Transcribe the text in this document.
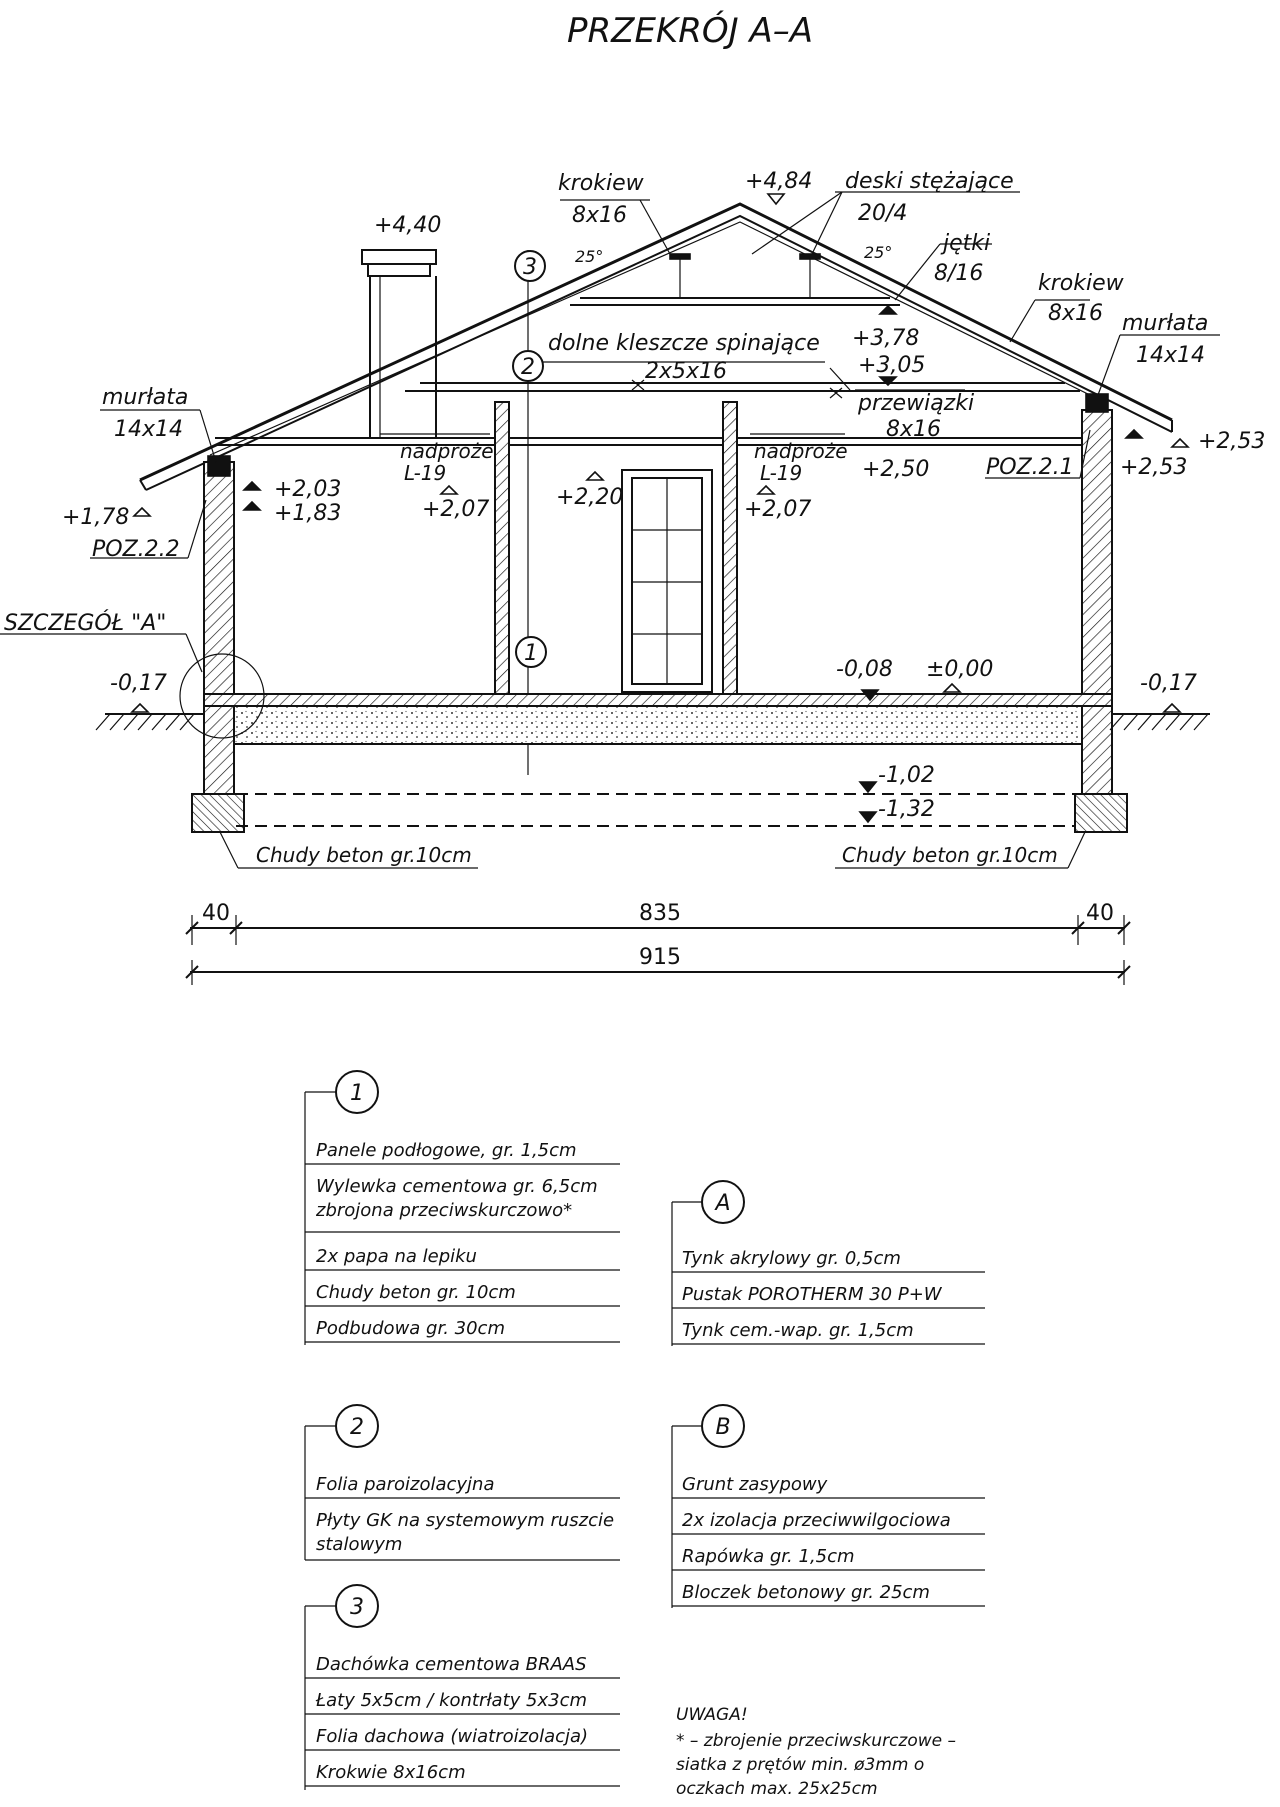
PRZEKRÓJ A–A
3
2
1
+4,84
+4,40
krokiew
8x16
deski stężające
20/4
jętki
8/16
25°	25°
krokiew
8x16 murłata
14x14
murłata
14x14
+3,78
+3,05
dolne kleszcze spinające
2x5x16
przewiązki
8x16
+2,50	POZ.2.1 +2,53
+2,53
nadproże
L-19
+2,07	+2,20
nadproże
L-19
+2,07
+2,03
+1,83
+1,78
POZ.2.2
SZCZEGÓŁ "A"
-0,17	-0,17
-0,08 ±0,00
-1,02
-1,32
Chudy beton gr.10cm	Chudy beton gr.10cm
40	835	40
915
1
Panele podłogowe, gr. 1,5cm
Wylewka cementowa gr. 6,5cm
zbrojona przeciwskurczowo*
2x papa na lepiku
Chudy beton gr. 10cm
Podbudowa gr. 30cm
A
Tynk akrylowy gr. 0,5cm
Pustak POROTHERM 30 P+W
Tynk cem.-wap. gr. 1,5cm
2
Folia paroizolacyjna
Płyty GK na systemowym ruszcie
stalowym
B
Grunt zasypowy
2x izolacja przeciwwilgociowa
Rapówka gr. 1,5cm
Bloczek betonowy gr. 25cm
3
Dachówka cementowa BRAAS
Łaty 5x5cm / kontrłaty 5x3cm
Folia dachowa (wiatroizolacja)
Krokwie 8x16cm
UWAGA!
* – zbrojenie przeciwskurczowe –
siatka z prętów min. ø3mm o
oczkach max. 25x25cm
